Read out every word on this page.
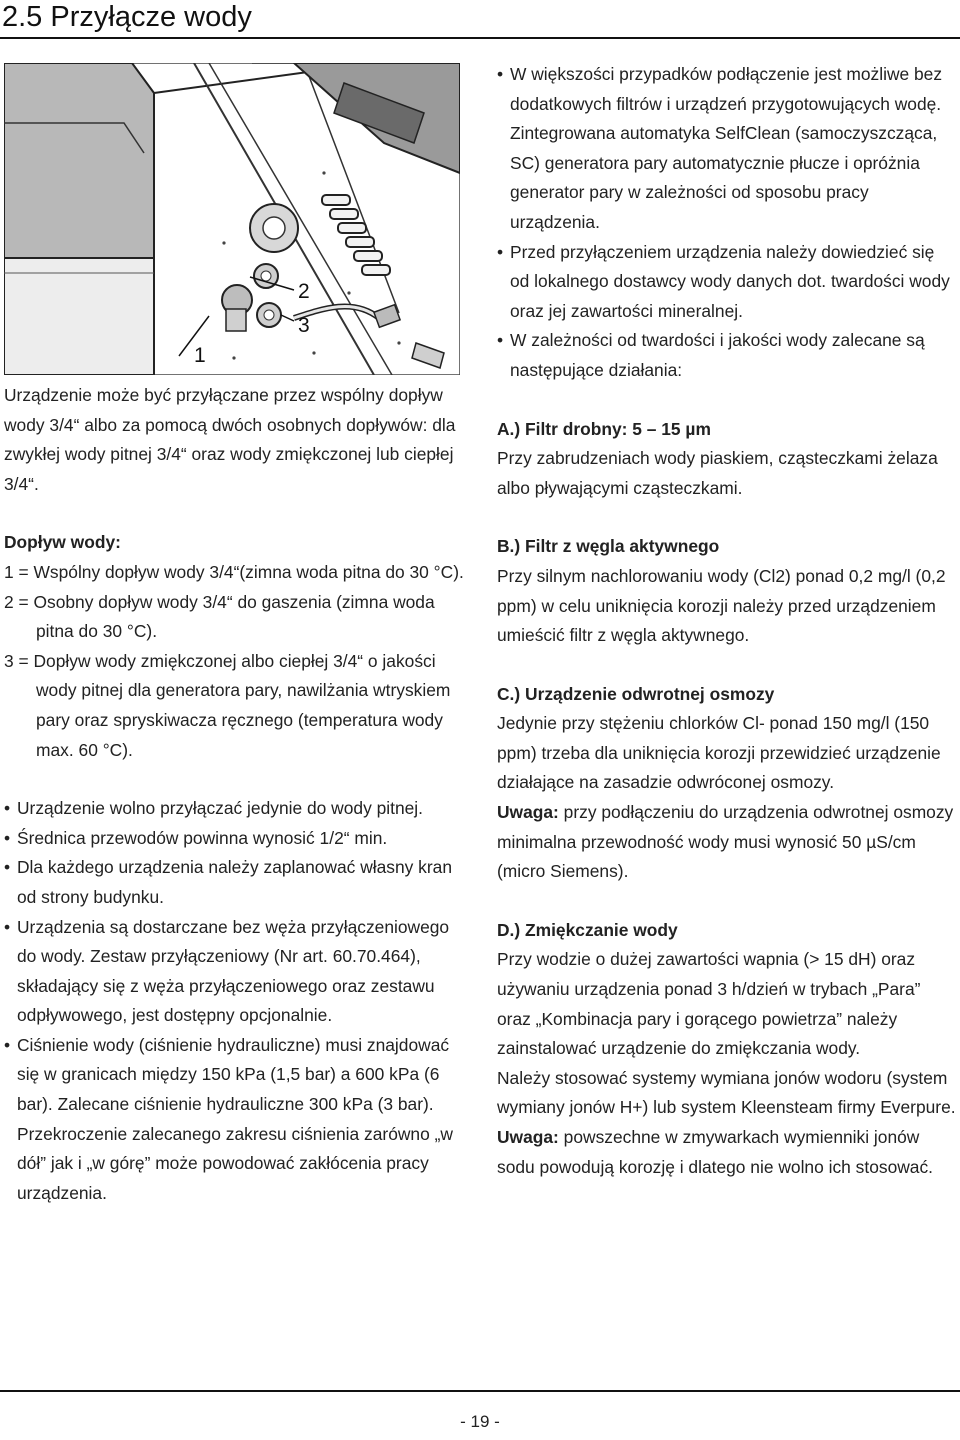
2.5 Przyłącze wody
1
2
3

Urządzenie może być przyłączane przez wspólny dopływ wody 3/4“ albo za pomocą dwóch osobnych dopływów: dla zwykłej wody pitnej 3/4“ oraz wody zmiękczonej lub ciepłej 3/4“.

Dopływ wody:

1 = Wspólny dopływ wody 3/4“(zimna woda pitna do 30 °C).
2 = Osobny dopływ wody 3/4“ do gaszenia (zimna woda pitna do 30 °C).
3 = Dopływ wody zmiękczonej albo ciepłej 3/4“ o jakości wody pitnej dla generatora pary, nawilżania wtryskiem pary oraz spryskiwacza ręcznego (temperatura wody max. 60 °C).
• Urządzenie wolno przyłączać jedynie do wody pitnej.
• Średnica przewodów powinna wynosić 1/2“ min.
• Dla każdego urządzenia należy zaplanować własny kran od strony budynku.
• Urządzenia są dostarczane bez węża przyłączeniowego do wody. Zestaw przyłączeniowy (Nr art. 60.70.464), składający się z węża przyłączeniowego oraz zestawu odpływowego, jest dostępny opcjonalnie.
• Ciśnienie wody (ciśnienie hydrauliczne) musi znajdować się w granicach między 150 kPa (1,5 bar) a 600 kPa (6 bar). Zalecane ciśnienie hydrauliczne 300 kPa (3 bar). Przekroczenie zalecanego zakresu ciśnienia zarówno „w dół” jak i „w górę” może powodować zakłócenia pracy urządzenia.
• W większości przypadków podłączenie jest możliwe bez dodatkowych filtrów i urządzeń przygotowujących wodę. Zintegrowana automatyka SelfClean (samoczyszcząca, SC) generatora pary automatycznie płucze i opróżnia generator pary w zależności od sposobu pracy urządzenia.
• Przed przyłączeniem urządzenia należy dowiedzieć się od lokalnego dostawcy wody danych dot. twardości wody oraz jej zawartości mineralnej.
• W zależności od twardości i jakości wody zalecane są następujące działania:

A.) Filtr drobny: 5 – 15 µm

Przy zabrudzeniach wody piaskiem, cząsteczkami żelaza albo pływającymi cząsteczkami.

B.) Filtr z węgla aktywnego

Przy silnym nachlorowaniu wody (Cl2) ponad 0,2 mg/l (0,2 ppm) w celu uniknięcia korozji należy przed urządzeniem umieścić filtr z węgla aktywnego.

C.) Urządzenie odwrotnej osmozy

Jedynie przy stężeniu chlorków Cl- ponad 150 mg/l (150 ppm) trzeba dla uniknięcia korozji przewidzieć urządzenie działające na zasadzie odwróconej osmozy.

Uwaga: przy podłączeniu do urządzenia odwrotnej osmozy minimalna przewodność wody musi wynosić 50 µS/cm (micro Siemens).

D.) Zmiękczanie wody

Przy wodzie o dużej zawartości wapnia (> 15 dH) oraz używaniu urządzenia ponad 3 h/dzień w trybach „Para” oraz „Kombinacja pary i gorącego powietrza” należy zainstalować urządzenie do zmiękczania wody.

Należy stosować systemy wymiana jonów wodoru (system wymiany jonów H+) lub system Kleensteam firmy Everpure.

Uwaga: powszechne w zmywarkach wymienniki jonów sodu powodują korozję i dlatego nie wolno ich stosować.

- 19 -
